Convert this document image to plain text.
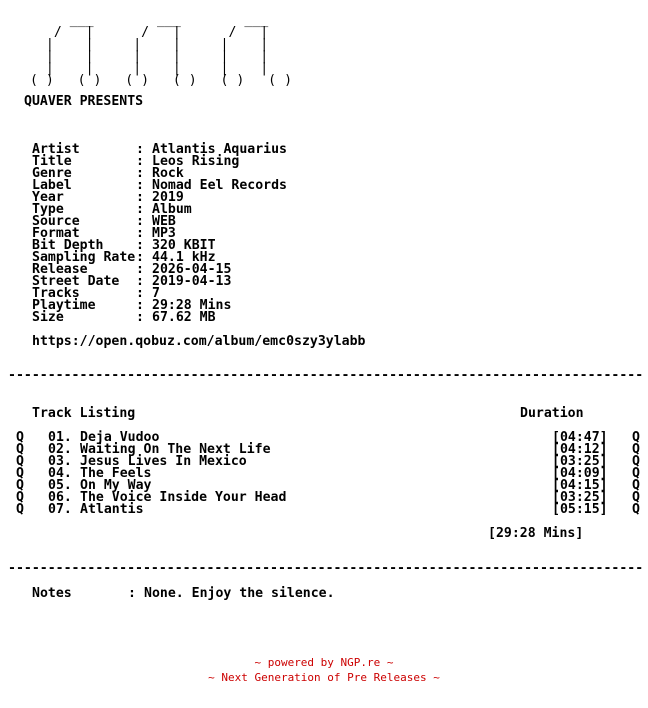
___        ___        ___
/   |      /   |      /   |
|    |     |    |     |    |
|    |     |    |     |    |
|    |     |    |     |    |
( )   ( )   ( )   ( )   ( )   ( )
QUAVER PRESENTS
Artist : Atlantis Aquarius
Title : Leos Rising
Genre : Rock
Label : Nomad Eel Records
Year : 2019
Type : Album
Source : WEB
Format : MP3
Bit Depth : 320 KBIT
Sampling Rate : 44.1 kHz
Release : 2026-04-15
Street Date : 2019-04-13
Tracks : 7
Playtime : 29:28 Mins
Size : 67.62 MB
https://open.qobuz.com/album/emc0szy3ylabb
--------------------------------------------------------------------------------
Track Listing	Duration
Q 01. Deja Vudoo	[04:47] Q
Q 02. Waiting On The Next Life	[04:12] Q
Q 03. Jesus Lives In Mexico	[03:25] Q
Q 04. The Feels	[04:09] Q
Q 05. On My Way	[04:15] Q
Q 06. The Voice Inside Your Head	[03:25] Q
Q 07. Atlantis	[05:15] Q
[29:28 Mins]
--------------------------------------------------------------------------------
Notes	: None. Enjoy the silence.
~ powered by NGP.re ~
~ Next Generation of Pre Releases ~
